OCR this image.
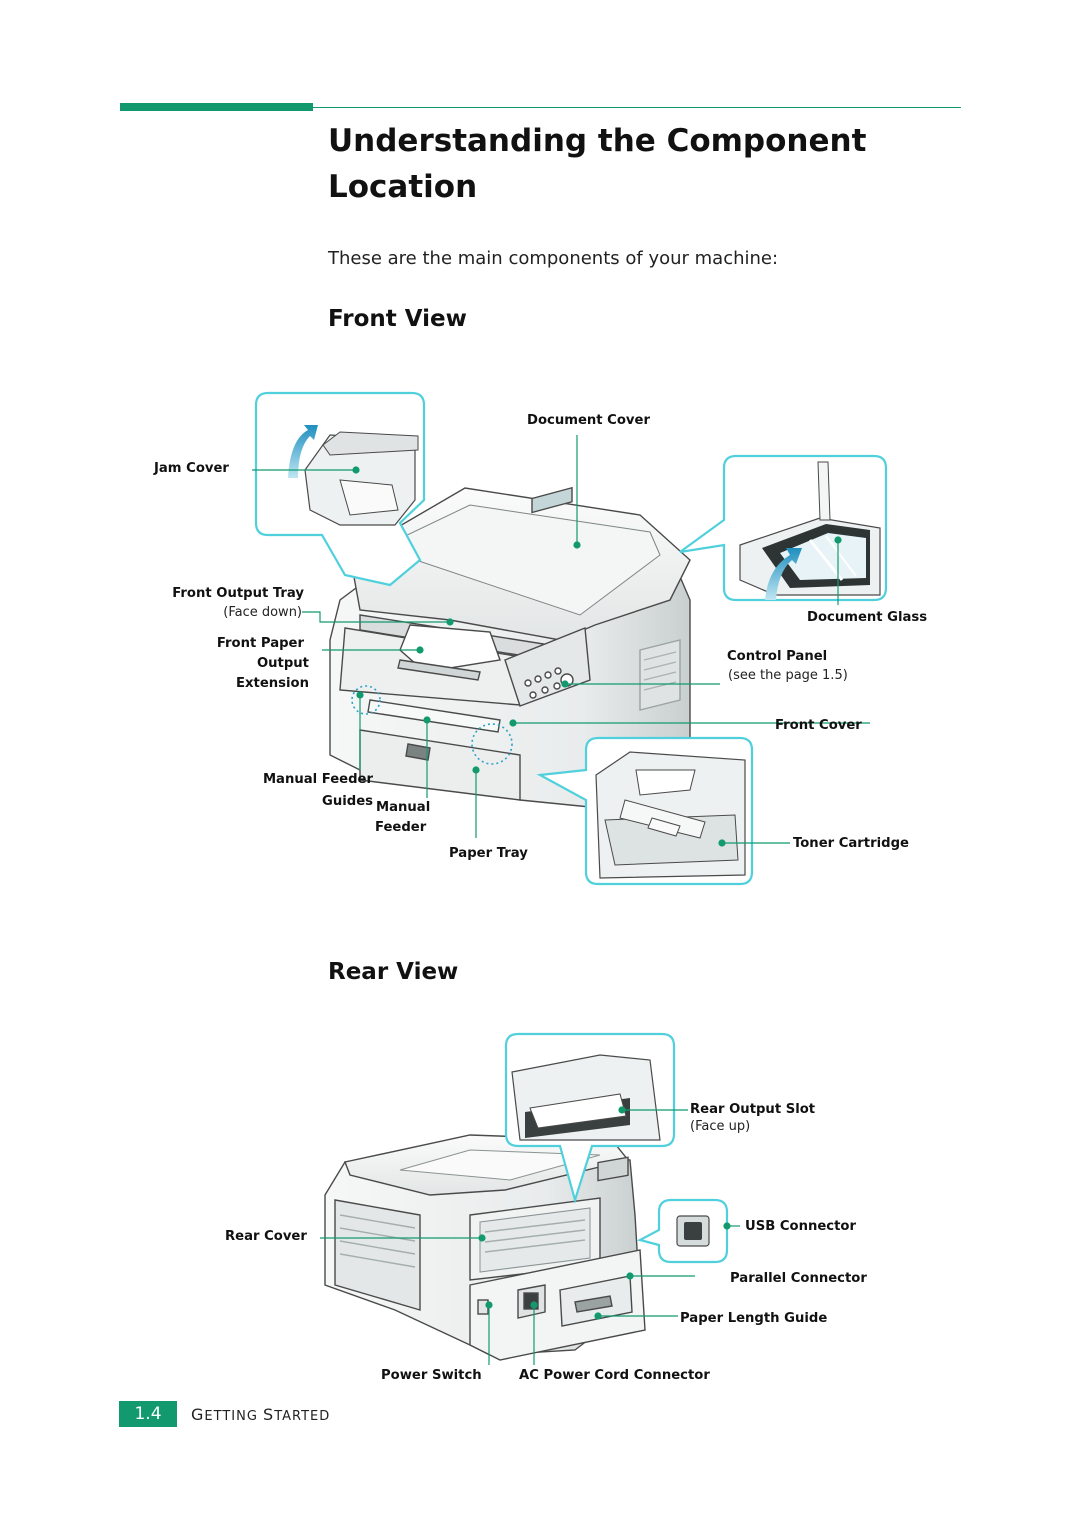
Understanding the Component Location
These are the main components of your machine:
Front View
Document Cover
Jam Cover
Front Output Tray
(Face down)
Front Paper
Output
Extension
Manual Feeder
Guides Manual
Feeder
Paper Tray
Document Glass
Control Panel
(see the page 1.5)
Front Cover
Toner Cartridge
Rear View
Rear Output Slot
(Face up)
USB Connector
Parallel Connector
Paper Length Guide
Rear Cover
Power Switch	AC Power Cord Connector
1.4	GETTING STARTED
